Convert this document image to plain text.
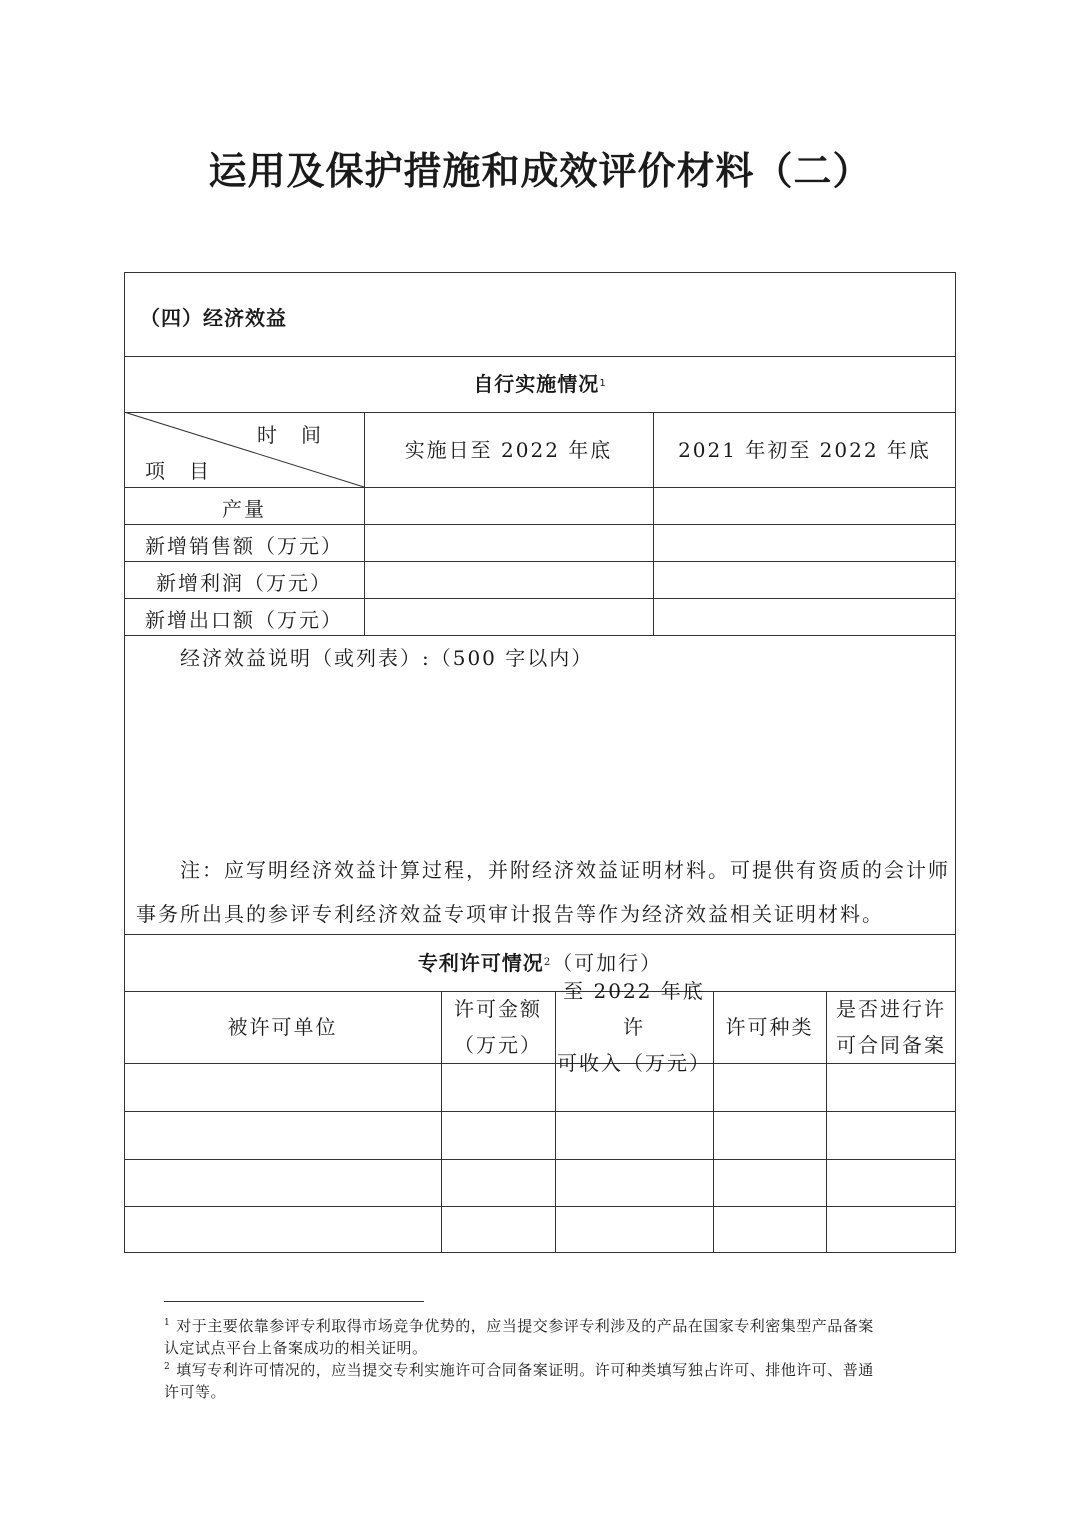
运用及保护措施和成效评价材料（二）
时　间
项　目
（四）经济效益
自行实施情况 1
实施日至 2022 年底	2021 年初至 2022 年底
产量
新增销售额（万元）
新增利润（万元）
新增出口额（万元）
经济效益说明（或列表）:（500 字以内）
注：应写明经济效益计算过程，并附经济效益证明材料。可提供有资质的会计师
事务所出具的参评专利经济效益专项审计报告等作为经济效益相关证明材料。
专利许可情况 2 （可加行）
被许可单位
许可金额
（万元）
至 2022 年底许
可收入（万元）
许可种类
是否进行许
可合同备案
$^1$ 对于主要依靠参评专利取得市场竞争优势的，应当提交参评专利涉及的产品在国家专利密集型产品备案
认定试点平台上备案成功的相关证明。
$^2$ 填写专利许可情况的，应当提交专利实施许可合同备案证明。许可种类填写独占许可、排他许可、普通
许可等。
